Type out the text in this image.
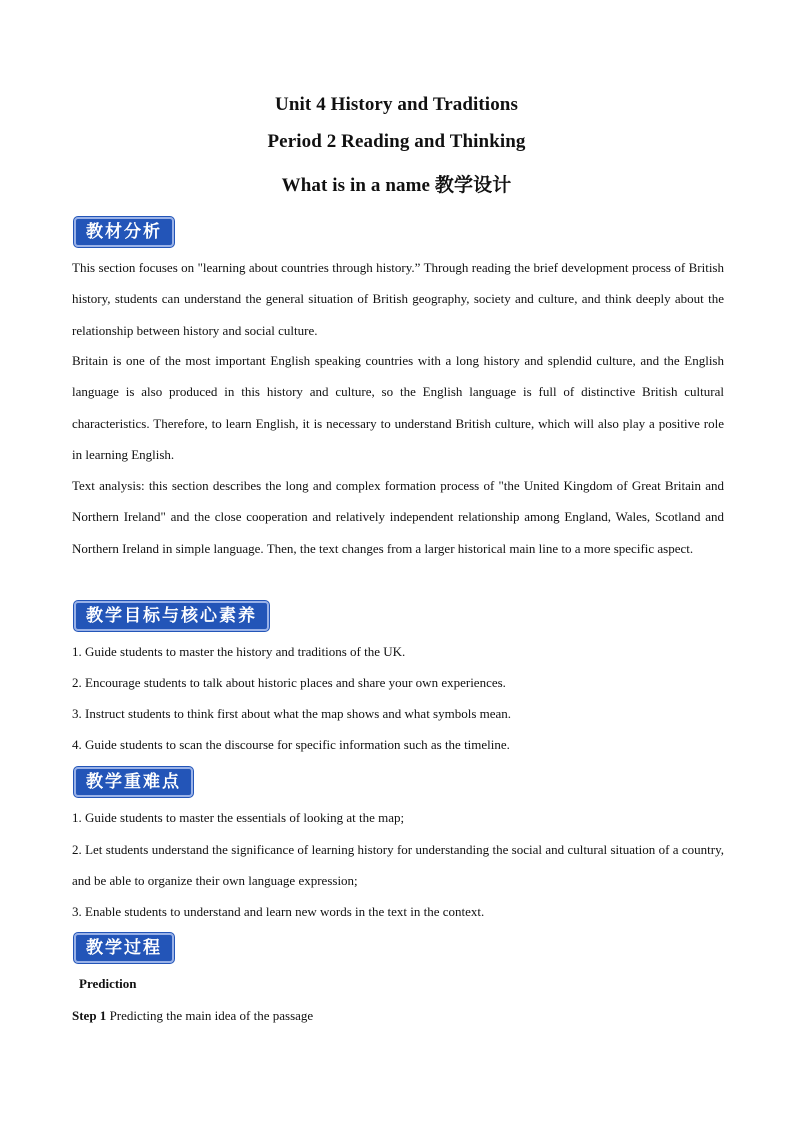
Unit 4 History and Traditions
Period 2 Reading and Thinking
What is in a name 教学设计
教材分析

This section focuses on "learning about countries through history.” Through reading the brief development process of British history, students can understand the general situation of British geography, society and culture, and think deeply about the relationship between history and social culture.

Britain is one of the most important English speaking countries with a long history and splendid culture, and the English language is also produced in this history and culture, so the English language is full of distinctive British cultural characteristics. Therefore, to learn English, it is necessary to understand British culture, which will also play a positive role in learning English.

Text analysis: this section describes the long and complex formation process of "the United Kingdom of Great Britain and Northern Ireland" and the close cooperation and relatively independent relationship among England, Wales, Scotland and Northern Ireland in simple language. Then, the text changes from a larger historical main line to a more specific aspect.

教学目标与核心素养
1. Guide students to master the history and traditions of the UK.
2. Encourage students to talk about historic places and share your own experiences.
3. Instruct students to think first about what the map shows and what symbols mean.
4. Guide students to scan the discourse for specific information such as the timeline.
教学重难点
1. Guide students to master the essentials of looking at the map;

2. Let students understand the significance of learning history for understanding the social and cultural situation of a country, and be able to organize their own language expression;

3. Enable students to understand and learn new words in the text in the context.
教学过程
Prediction
Step 1 Predicting the main idea of the passage
